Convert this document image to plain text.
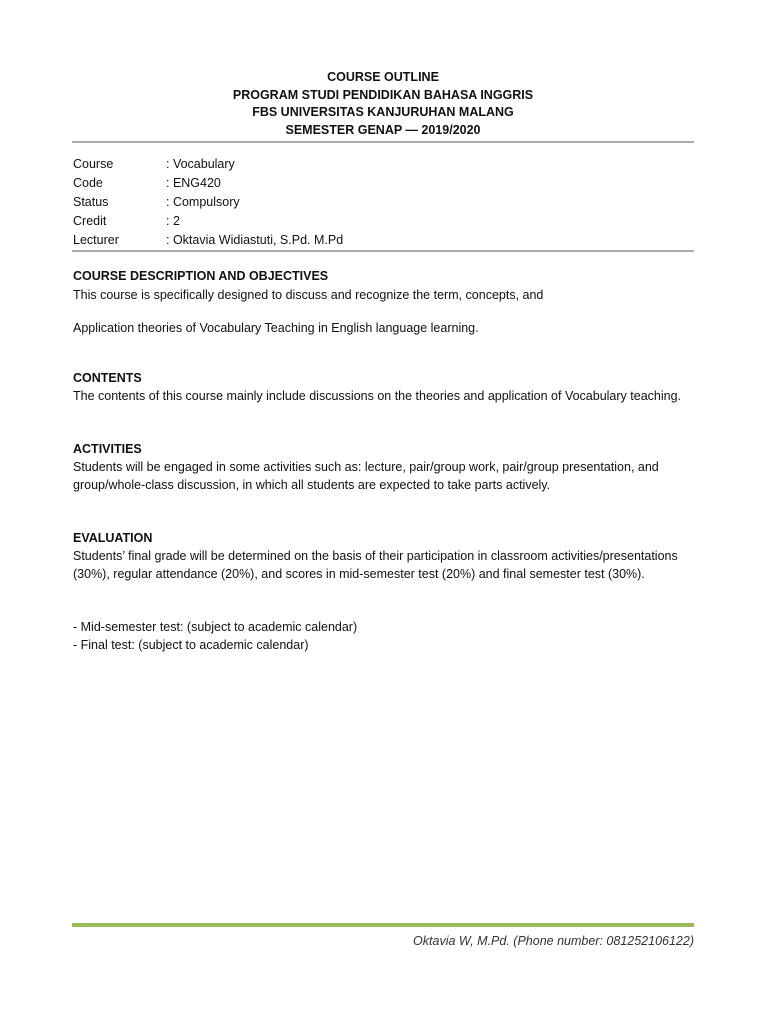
COURSE OUTLINE
PROGRAM STUDI PENDIDIKAN BAHASA INGGRIS
FBS UNIVERSITAS KANJURUHAN MALANG
SEMESTER GENAP — 2019/2020
Course	: Vocabulary
Code	: ENG420
Status	: Compulsory
Credit	: 2
Lecturer	: Oktavia Widiastuti, S.Pd. M.Pd
COURSE DESCRIPTION AND OBJECTIVES
This course is specifically designed to discuss and recognize the term, concepts, and
Application theories of Vocabulary Teaching in English language learning.
CONTENTS
The contents of this course mainly include discussions on the theories and application of Vocabulary teaching.
ACTIVITIES
Students will be engaged in some activities such as: lecture, pair/group work, pair/group presentation, and group/whole-class discussion, in which all students are expected to take parts actively.
EVALUATION
Students’ final grade will be determined on the basis of their participation in classroom activities/presentations (30%), regular attendance (20%), and scores in mid-semester test (20%) and final semester test (30%).
- Mid-semester test: (subject to academic calendar)
- Final test: (subject to academic calendar)
Oktavia W, M.Pd. (Phone number: 081252106122)
